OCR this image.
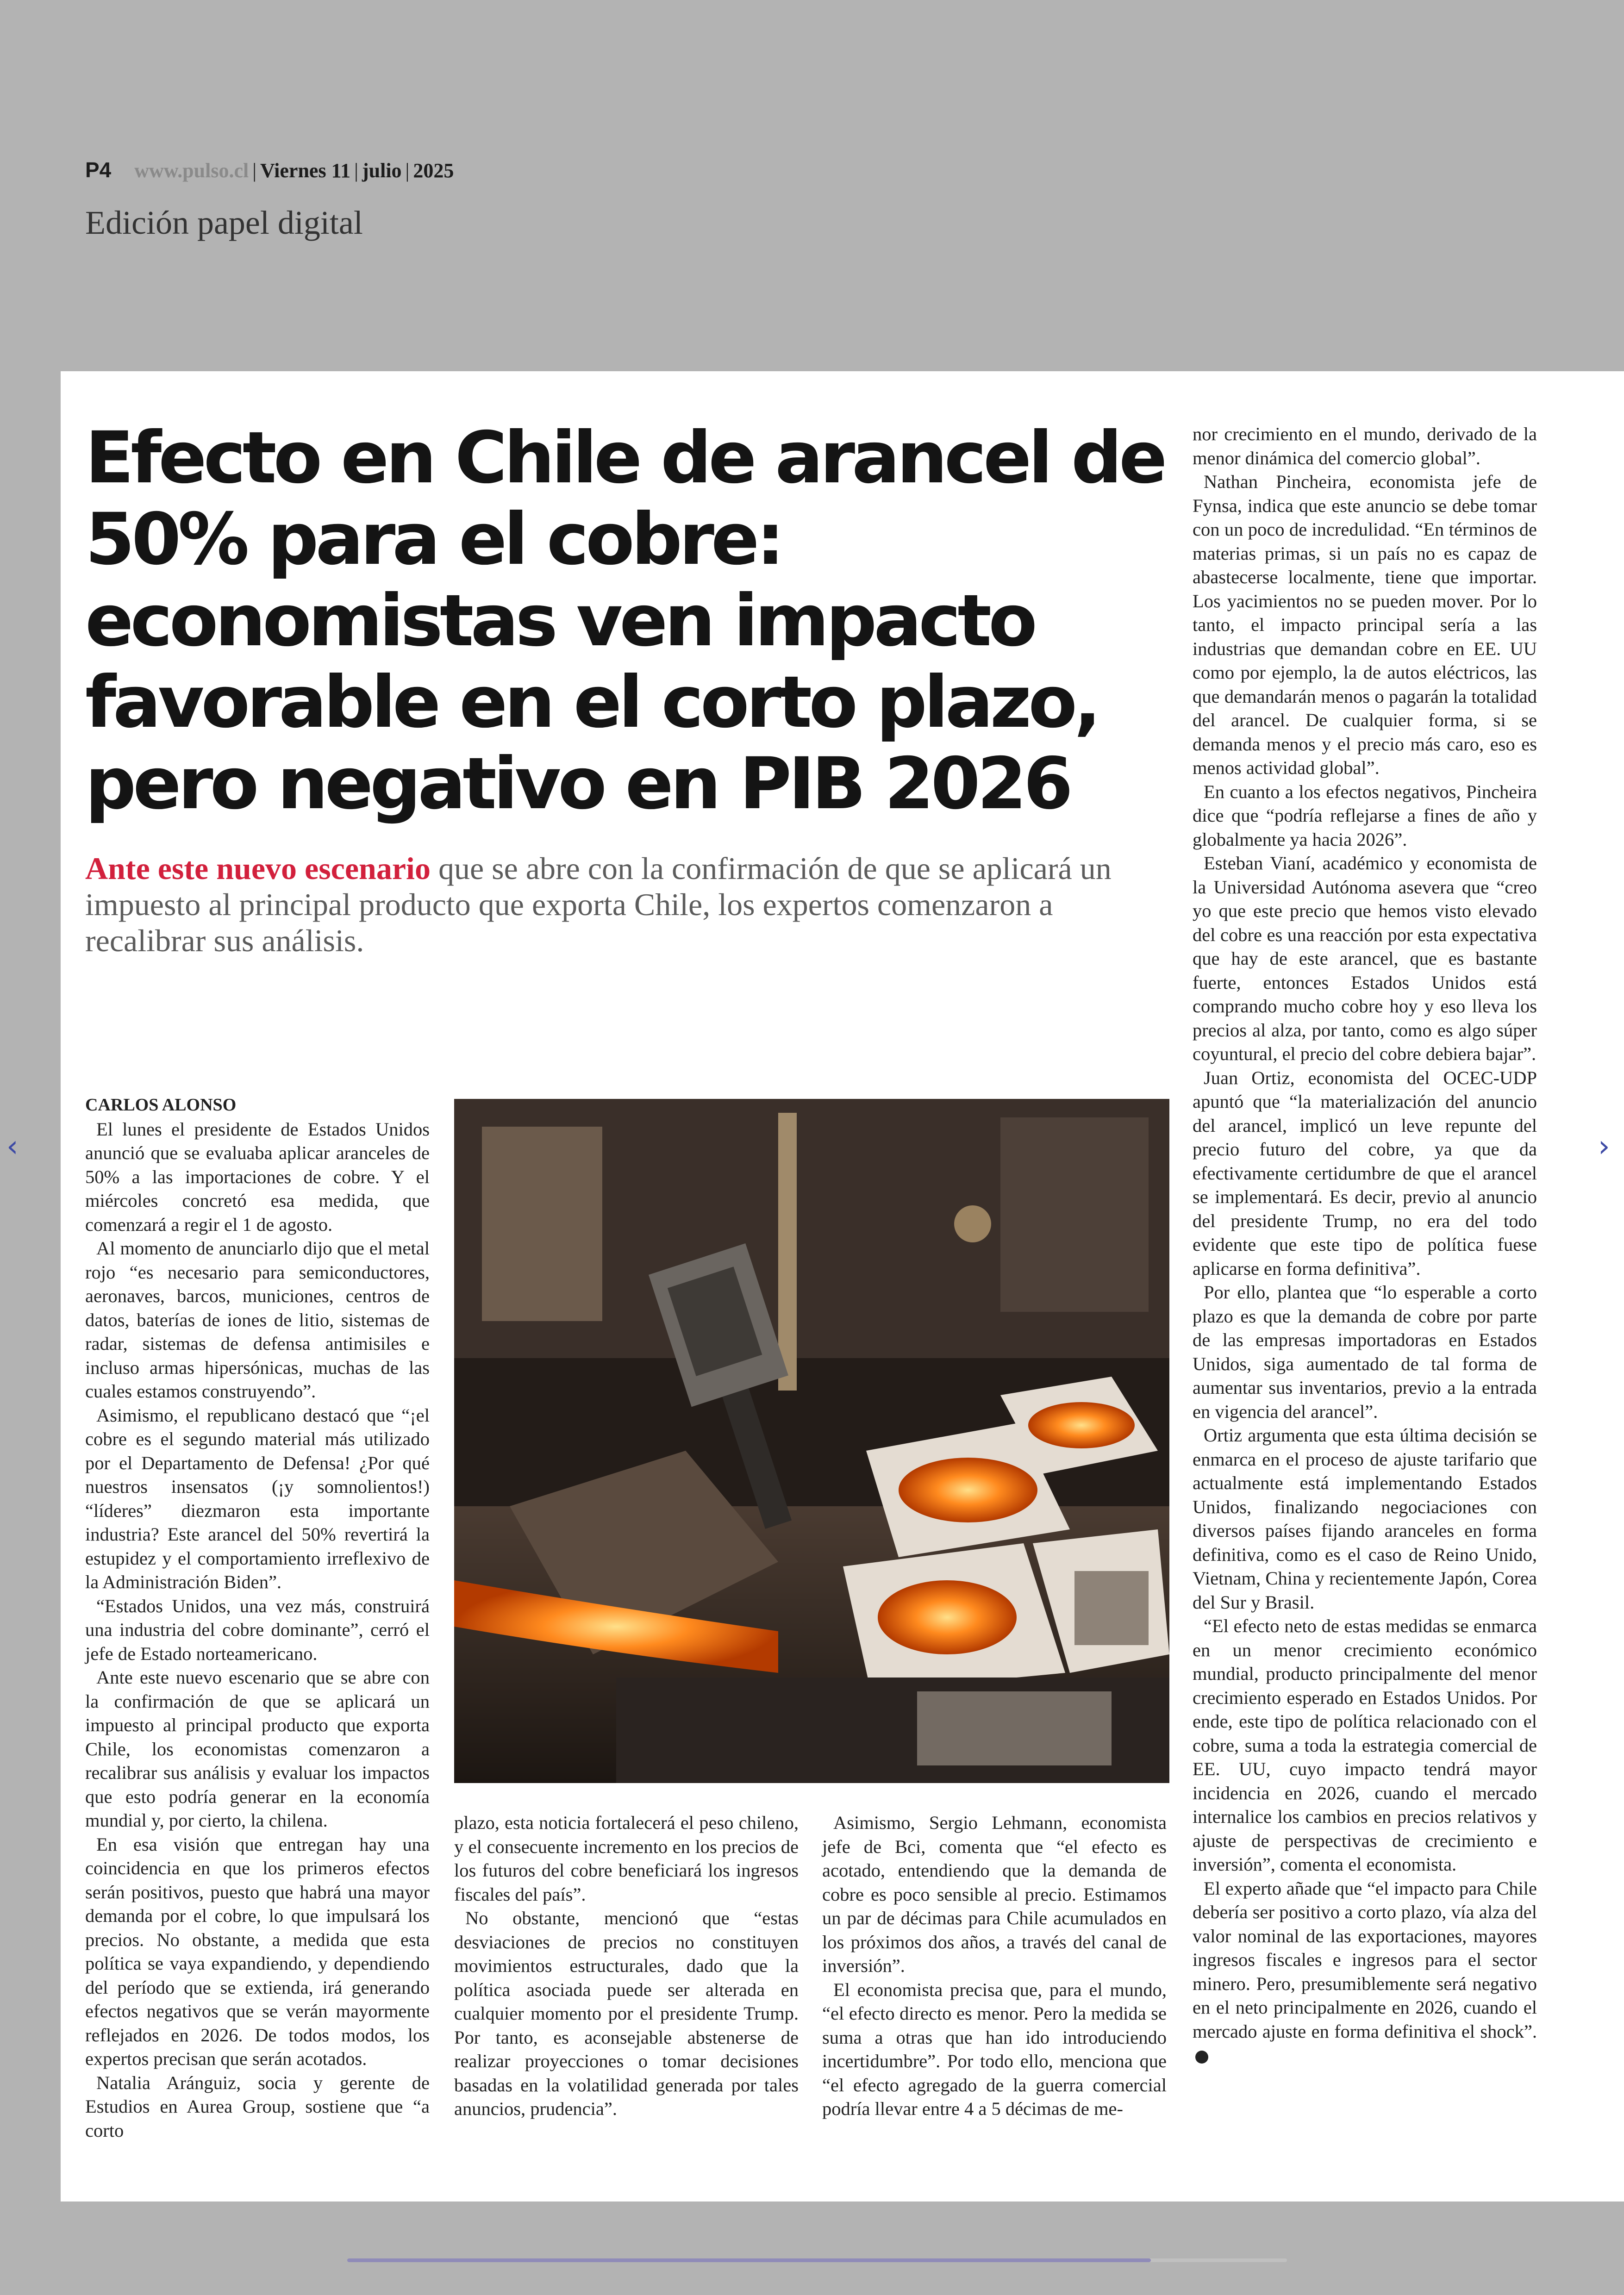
P4 www.pulso.cl | Viernes 11 | julio | 2025
Edición papel digital
Efecto en Chile de arancel de 50% para el cobre: economistas ven impacto favorable en el corto plazo, pero negativo en PIB 2026

Ante este nuevo escenario que se abre con la confirmación de que se aplicará un impuesto al principal producto que exporta Chile, los expertos comenzaron a recalibrar sus análisis.

CARLOS ALONSO

El lunes el presidente de Estados Unidos anunció que se evaluaba aplicar aranceles de 50% a las importaciones de cobre. Y el miércoles concretó esa medida, que comenzará a regir el 1 de agosto.

Al momento de anunciarlo dijo que el metal rojo “es necesario para semiconductores, aeronaves, barcos, municiones, centros de datos, baterías de iones de litio, sistemas de radar, sistemas de defensa antimisiles e incluso armas hipersónicas, muchas de las cuales estamos construyendo”.

Asimismo, el republicano destacó que “¡el cobre es el segundo material más utilizado por el Departamento de Defensa! ¿Por qué nuestros insensatos (¡y somnolientos!) “líderes” diezmaron esta importante industria? Este arancel del 50% revertirá la estupidez y el comportamiento irreflexivo de la Administración Biden”.

“Estados Unidos, una vez más, construirá una industria del cobre dominante”, cerró el jefe de Estado norteamericano.

Ante este nuevo escenario que se abre con la confirmación de que se aplicará un impuesto al principal producto que exporta Chile, los economistas comenzaron a recalibrar sus análisis y evaluar los impactos que esto podría generar en la economía mundial y, por cierto, la chilena.

En esa visión que entregan hay una coincidencia en que los primeros efectos serán positivos, puesto que habrá una mayor demanda por el cobre, lo que impulsará los precios. No obstante, a medida que esta política se vaya expandiendo, y dependiendo del período que se extienda, irá generando efectos negativos que se verán mayormente reflejados en 2026. De todos modos, los expertos precisan que serán acotados.

Natalia Aránguiz, socia y gerente de Estudios en Aurea Group, sostiene que “a corto

plazo, esta noticia fortalecerá el peso chileno, y el consecuente incremento en los precios de los futuros del cobre beneficiará los ingresos fiscales del país”.

No obstante, mencionó que “estas desviaciones de precios no constituyen movimientos estructurales, dado que la política asociada puede ser alterada en cualquier momento por el presidente Trump. Por tanto, es aconsejable abstenerse de realizar proyecciones o tomar decisiones basadas en la volatilidad generada por tales anuncios, prudencia”.

Asimismo, Sergio Lehmann, economista jefe de Bci, comenta que “el efecto es acotado, entendiendo que la demanda de cobre es poco sensible al precio. Estimamos un par de décimas para Chile acumulados en los próximos dos años, a través del canal de inversión”.

El economista precisa que, para el mundo, “el efecto directo es menor. Pero la medida se suma a otras que han ido introduciendo incertidumbre”. Por todo ello, menciona que “el efecto agregado de la guerra comercial podría llevar entre 4 a 5 décimas de me-

nor crecimiento en el mundo, derivado de la menor dinámica del comercio global”.

Nathan Pincheira, economista jefe de Fynsa, indica que este anuncio se debe tomar con un poco de incredulidad. “En términos de materias primas, si un país no es capaz de abastecerse localmente, tiene que importar. Los yacimientos no se pueden mover. Por lo tanto, el impacto principal sería a las industrias que demandan cobre en EE. UU como por ejemplo, la de autos eléctricos, las que demandarán menos o pagarán la totalidad del arancel. De cualquier forma, si se demanda menos y el precio más caro, eso es menos actividad global”.

En cuanto a los efectos negativos, Pincheira dice que “podría reflejarse a fines de año y globalmente ya hacia 2026”.

Esteban Vianí, académico y economista de la Universidad Autónoma asevera que “creo yo que este precio que hemos visto elevado del cobre es una reacción por esta expectativa que hay de este arancel, que es bastante fuerte, entonces Estados Unidos está comprando mucho cobre hoy y eso lleva los precios al alza, por tanto, como es algo súper coyuntural, el precio del cobre debiera bajar”.

Juan Ortiz, economista del OCEC-UDP apuntó que “la materialización del anuncio del arancel, implicó un leve repunte del precio futuro del cobre, ya que da efectivamente certidumbre de que el arancel se implementará. Es decir, previo al anuncio del presidente Trump, no era del todo evidente que este tipo de política fuese aplicarse en forma definitiva”.

Por ello, plantea que “lo esperable a corto plazo es que la demanda de cobre por parte de las empresas importadoras en Estados Unidos, siga aumentado de tal forma de aumentar sus inventarios, previo a la entrada en vigencia del arancel”.

Ortiz argumenta que esta última decisión se enmarca en el proceso de ajuste tarifario que actualmente está implementando Estados Unidos, finalizando negociaciones con diversos países fijando aranceles en forma definitiva, como es el caso de Reino Unido, Vietnam, China y recientemente Japón, Corea del Sur y Brasil.

“El efecto neto de estas medidas se enmarca en un menor crecimiento económico mundial, producto principalmente del menor crecimiento esperado en Estados Unidos. Por ende, este tipo de política relacionado con el cobre, suma a toda la estrategia comercial de EE. UU, cuyo impacto tendrá mayor incidencia en 2026, cuando el mercado internalice los cambios en precios relativos y ajuste de perspectivas de crecimiento e inversión”, comenta el economista.

El experto añade que “el impacto para Chile debería ser positivo a corto plazo, vía alza del valor nominal de las exportaciones, mayores ingresos fiscales e ingresos para el sector minero. Pero, presumiblemente será negativo en el neto principalmente en 2026, cuando el mercado ajuste en forma definitiva el shock”.

‹	›
